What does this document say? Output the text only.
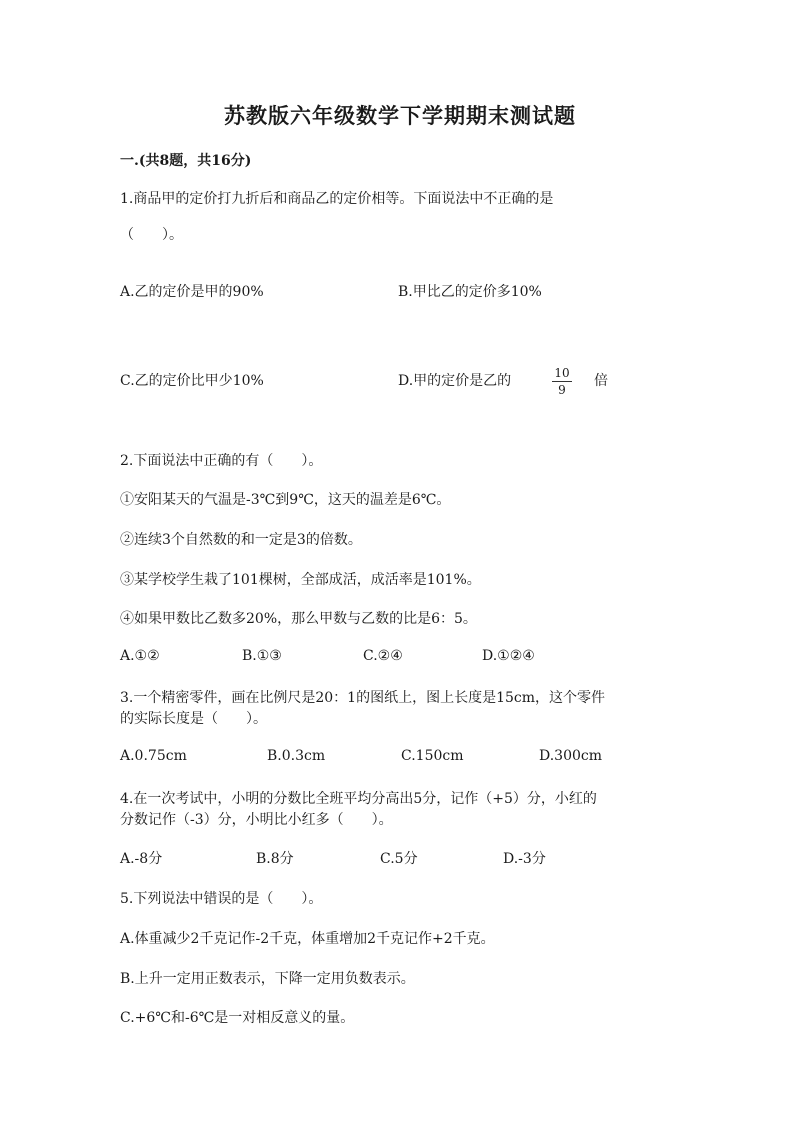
苏教版六年级数学下学期期末测试题
一.(共8题，共16分)
1.商品甲的定价打九折后和商品乙的定价相等。下面说法中不正确的是
（　　）。
A.乙的定价是甲的90%	B.甲比乙的定价多10%
C.乙的定价比甲少10%	D.甲的定价是乙的	10
9
倍
2.下面说法中正确的有（　　）。
①安阳某天的气温是-3℃到9℃，这天的温差是6℃。
②连续3个自然数的和一定是3的倍数。
③某学校学生栽了101棵树，全部成活，成活率是101%。
④如果甲数比乙数多20%，那么甲数与乙数的比是6：5。
A.①②	B.①③	C.②④	D.①②④
3.一个精密零件，画在比例尺是20：1的图纸上，图上长度是15cm，这个零件
的实际长度是（　　）。
A.0.75cm	B.0.3cm	C.150cm	D.300cm
4.在一次考试中，小明的分数比全班平均分高出5分，记作（+5）分，小红的
分数记作（-3）分，小明比小红多（　　）。
A.-8分	B.8分	C.5分	D.-3分
5.下列说法中错误的是（　　）。
A.体重减少2千克记作-2千克，体重增加2千克记作+2千克。
B.上升一定用正数表示，下降一定用负数表示。
C.+6℃和-6℃是一对相反意义的量。
